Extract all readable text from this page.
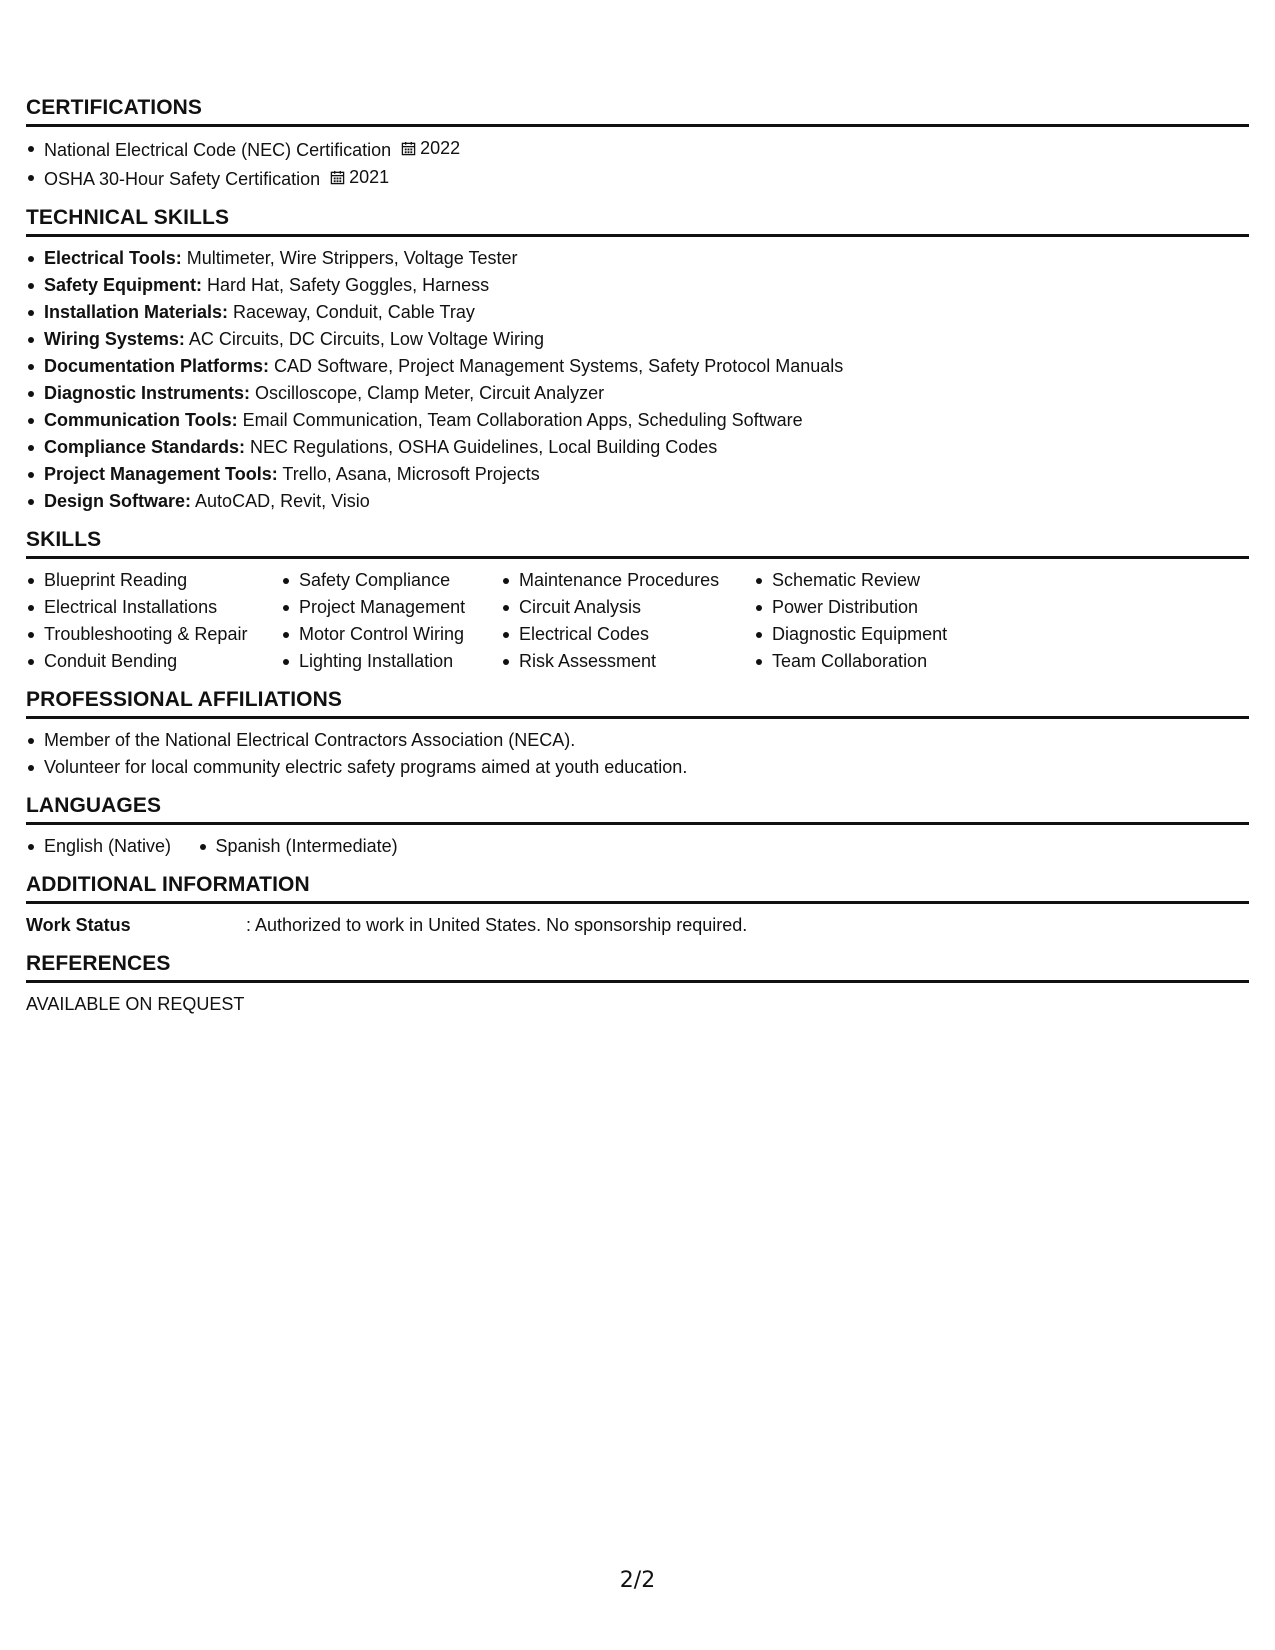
CERTIFICATIONS
National Electrical Code (NEC) Certification 2022
OSHA 30-Hour Safety Certification 2021
TECHNICAL SKILLS
Electrical Tools: Multimeter, Wire Strippers, Voltage Tester
Safety Equipment: Hard Hat, Safety Goggles, Harness
Installation Materials: Raceway, Conduit, Cable Tray
Wiring Systems: AC Circuits, DC Circuits, Low Voltage Wiring
Documentation Platforms: CAD Software, Project Management Systems, Safety Protocol Manuals
Diagnostic Instruments: Oscilloscope, Clamp Meter, Circuit Analyzer
Communication Tools: Email Communication, Team Collaboration Apps, Scheduling Software
Compliance Standards: NEC Regulations, OSHA Guidelines, Local Building Codes
Project Management Tools: Trello, Asana, Microsoft Projects
Design Software: AutoCAD, Revit, Visio
SKILLS
Blueprint Reading
Electrical Installations
Troubleshooting & Repair
Conduit Bending
Safety Compliance
Project Management
Motor Control Wiring
Lighting Installation
Maintenance Procedures
Circuit Analysis
Electrical Codes
Risk Assessment
Schematic Review
Power Distribution
Diagnostic Equipment
Team Collaboration
PROFESSIONAL AFFILIATIONS
Member of the National Electrical Contractors Association (NECA).
Volunteer for local community electric safety programs aimed at youth education.
LANGUAGES
English (Native) Spanish (Intermediate)
ADDITIONAL INFORMATION
Work Status	: Authorized to work in United States. No sponsorship required.
REFERENCES
AVAILABLE ON REQUEST
2/2
